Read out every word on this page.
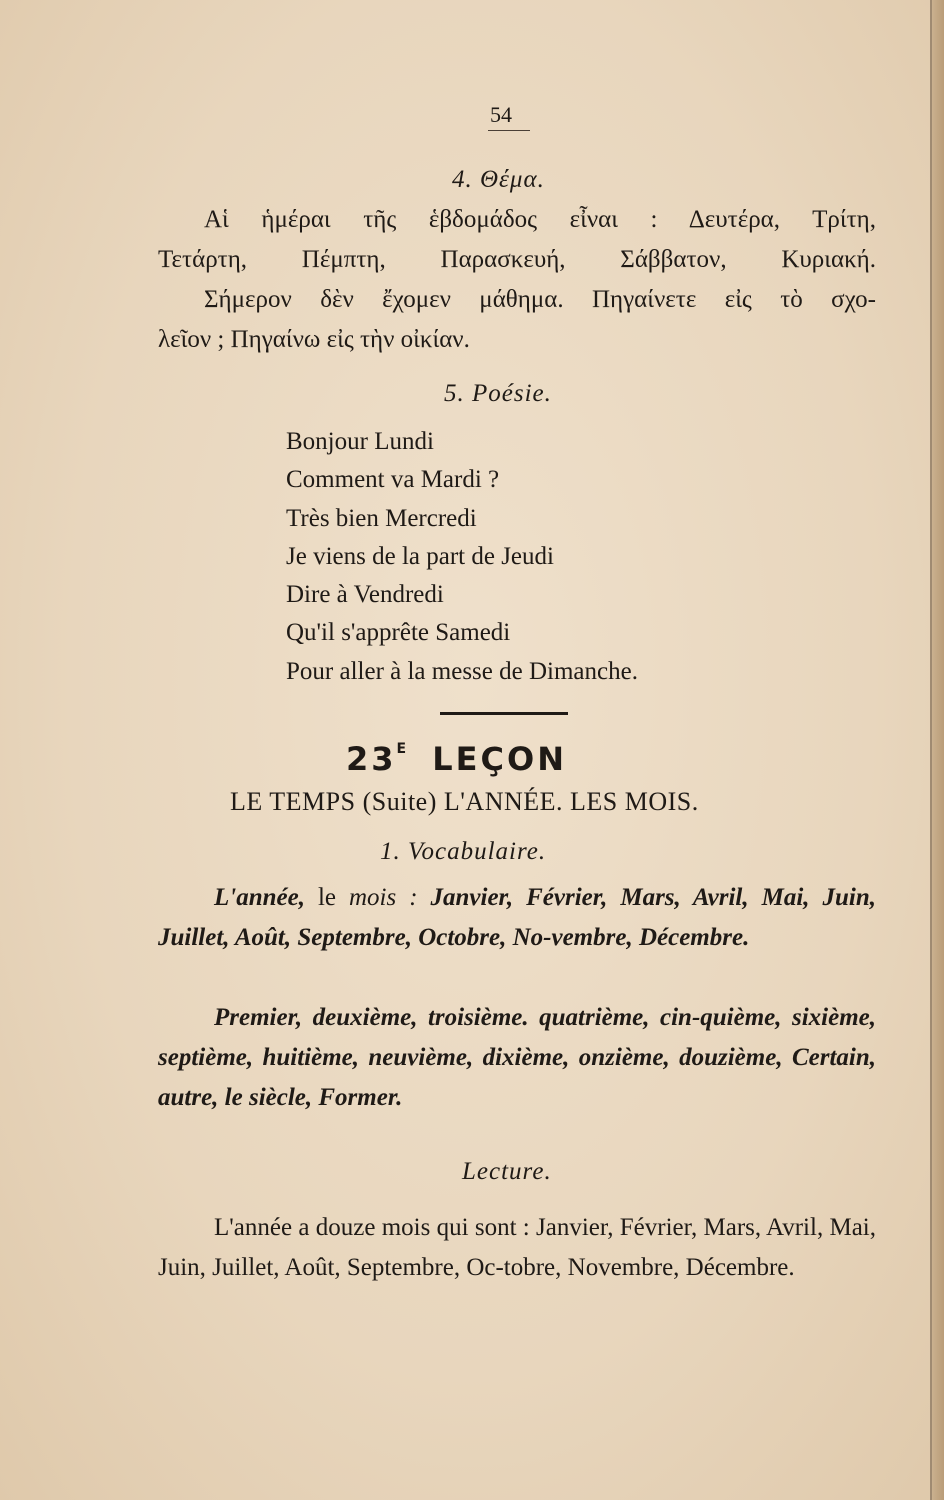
54
4. Θέμα.
Αἱ ἡμέραι τῆς ἑβδομάδος εἶναι : Δευτέρα, Τρίτη,
Τετάρτη, Πέμπτη, Παρασκευή, Σάββατον, Κυριακή.
Σήμερον δὲν ἔχομεν μάθημα. Πηγαίνετε εἰς τὸ σχο-
λεῖον ; Πηγαίνω εἰς τὴν οἰκίαν.
5. Poésie.
Bonjour Lundi
Comment va Mardi ?
Très bien Mercredi
Je viens de la part de Jeudi
Dire à Vendredi
Qu'il s'apprête Samedi
Pour aller à la messe de Dimanche.
$23^E$ LEÇON
LE TEMPS (Suite) L'ANNÉE. LES MOIS.
1. Vocabulaire.
L'année, le mois : Janvier, Février, Mars, Avril, Mai, Juin, Juillet, Août, Septembre, Octobre, No-vembre, Décembre.
Premier, deuxième, troisième. quatrième, cin-quième, sixième, septième, huitième, neuvième, dixième, onzième, douzième, Certain, autre, le siècle, Former.
Lecture.
L'année a douze mois qui sont : Janvier, Février, Mars, Avril, Mai, Juin, Juillet, Août, Septembre, Oc-tobre, Novembre, Décembre.
